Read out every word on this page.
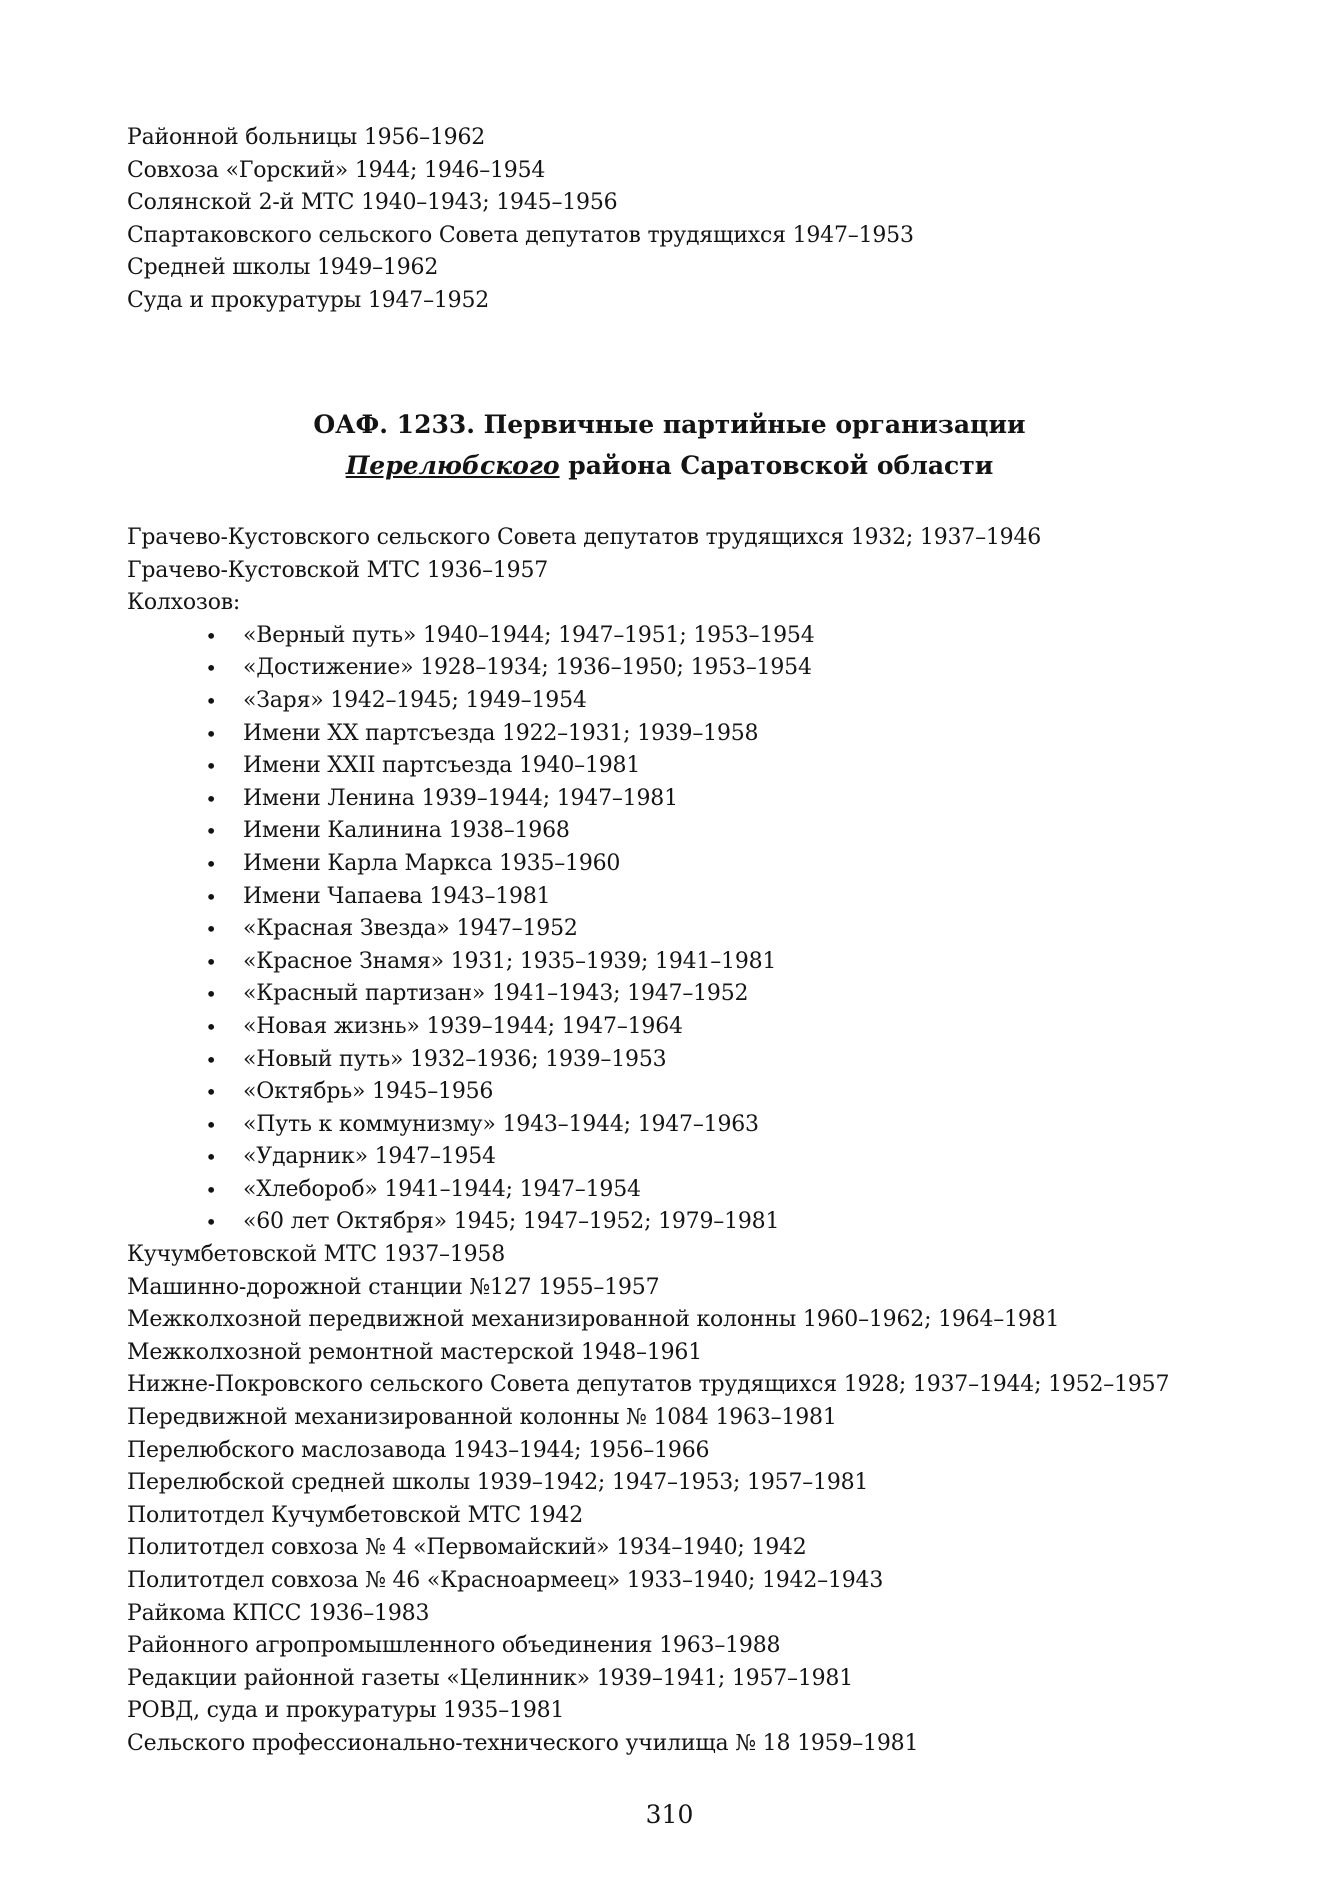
Районной больницы 1956–1962
Совхоза «Горский» 1944; 1946–1954
Солянской 2-й МТС 1940–1943; 1945–1956
Спартаковского сельского Совета депутатов трудящихся 1947–1953
Средней школы 1949–1962
Суда и прокуратуры 1947–1952
ОАФ. 1233. Первичные партийные организации
Перелюбского района Саратовской области
Грачево-Кустовского сельского Совета депутатов трудящихся 1932; 1937–1946
Грачево-Кустовской МТС 1936–1957
Колхозов:
•	«Верный путь» 1940–1944; 1947–1951; 1953–1954
•	«Достижение» 1928–1934; 1936–1950; 1953–1954
•	«Заря» 1942–1945; 1949–1954
•	Имени XX партсъезда 1922–1931; 1939–1958
•	Имени XXII партсъезда 1940–1981
•	Имени Ленина 1939–1944; 1947–1981
•	Имени Калинина 1938–1968
•	Имени Карла Маркса 1935–1960
•	Имени Чапаева 1943–1981
•	«Красная Звезда» 1947–1952
•	«Красное Знамя» 1931; 1935–1939; 1941–1981
•	«Красный партизан» 1941–1943; 1947–1952
•	«Новая жизнь» 1939–1944; 1947–1964
•	«Новый путь» 1932–1936; 1939–1953
•	«Октябрь» 1945–1956
•	«Путь к коммунизму» 1943–1944; 1947–1963
•	«Ударник» 1947–1954
•	«Хлебороб» 1941–1944; 1947–1954
•	«60 лет Октября» 1945; 1947–1952; 1979–1981
Кучумбетовской МТС 1937–1958
Машинно-дорожной станции №127 1955–1957
Межколхозной передвижной механизированной колонны 1960–1962; 1964–1981
Межколхозной ремонтной мастерской 1948–1961
Нижне-Покровского сельского Совета депутатов трудящихся 1928; 1937–1944; 1952–1957
Передвижной механизированной колонны № 1084 1963–1981
Перелюбского маслозавода 1943–1944; 1956–1966
Перелюбской средней школы 1939–1942; 1947–1953; 1957–1981
Политотдел Кучумбетовской МТС 1942
Политотдел совхоза № 4 «Первомайский» 1934–1940; 1942
Политотдел совхоза № 46 «Красноармеец» 1933–1940; 1942–1943
Райкома КПСС 1936–1983
Районного агропромышленного объединения 1963–1988
Редакции районной газеты «Целинник» 1939–1941; 1957–1981
РОВД, суда и прокуратуры 1935–1981
Сельского профессионально-технического училища № 18 1959–1981
310
